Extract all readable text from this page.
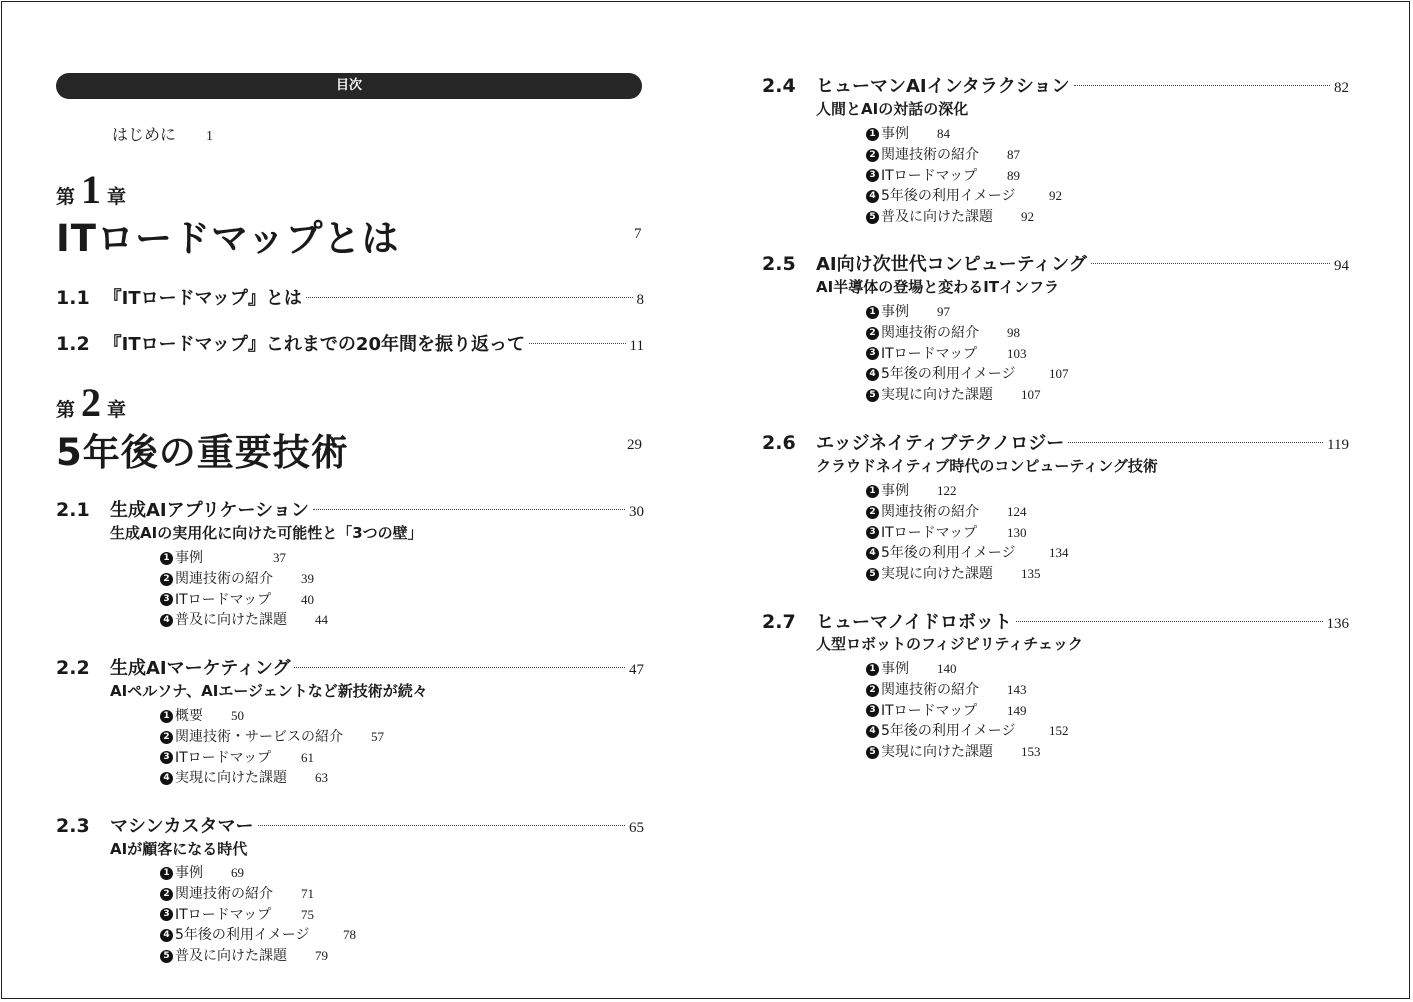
目次
はじめに 1
第 1 章
ITロードマップとは	7
1.1 『ITロードマップ』とは	8
1.2 『ITロードマップ』これまでの20年間を振り返って	11
第 2 章
5年後の重要技術	29
2.1	生成AIアプリケーション	30
生成AIの実用化に向けた可能性と「3つの壁」
1 事例	37
2 関連技術の紹介	39
3 ITロードマップ	40
4 普及に向けた課題	44
2.2	生成AIマーケティング	47
AIペルソナ、AIエージェントなど新技術が続々
1 概要	50
2 関連技術・サービスの紹介	57
3 ITロードマップ	61
4 実現に向けた課題	63
2.3	マシンカスタマー	65
AIが顧客になる時代
1 事例	69
2 関連技術の紹介	71
3 ITロードマップ	75
4 5年後の利用イメージ	78
5 普及に向けた課題	79
2.4	ヒューマンAIインタラクション	82
人間とAIの対話の深化
1 事例	84
2 関連技術の紹介	87
3 ITロードマップ	89
4 5年後の利用イメージ	92
5 普及に向けた課題	92
2.5	AI向け次世代コンピューティング	94
AI半導体の登場と変わるITインフラ
1 事例	97
2 関連技術の紹介	98
3 ITロードマップ	103
4 5年後の利用イメージ	107
5 実現に向けた課題	107
2.6	エッジネイティブテクノロジー	119
クラウドネイティブ時代のコンピューティング技術
1 事例	122
2 関連技術の紹介	124
3 ITロードマップ	130
4 5年後の利用イメージ	134
5 実現に向けた課題	135
2.7	ヒューマノイドロボット	136
人型ロボットのフィジビリティチェック
1 事例	140
2 関連技術の紹介	143
3 ITロードマップ	149
4 5年後の利用イメージ	152
5 実現に向けた課題	153
